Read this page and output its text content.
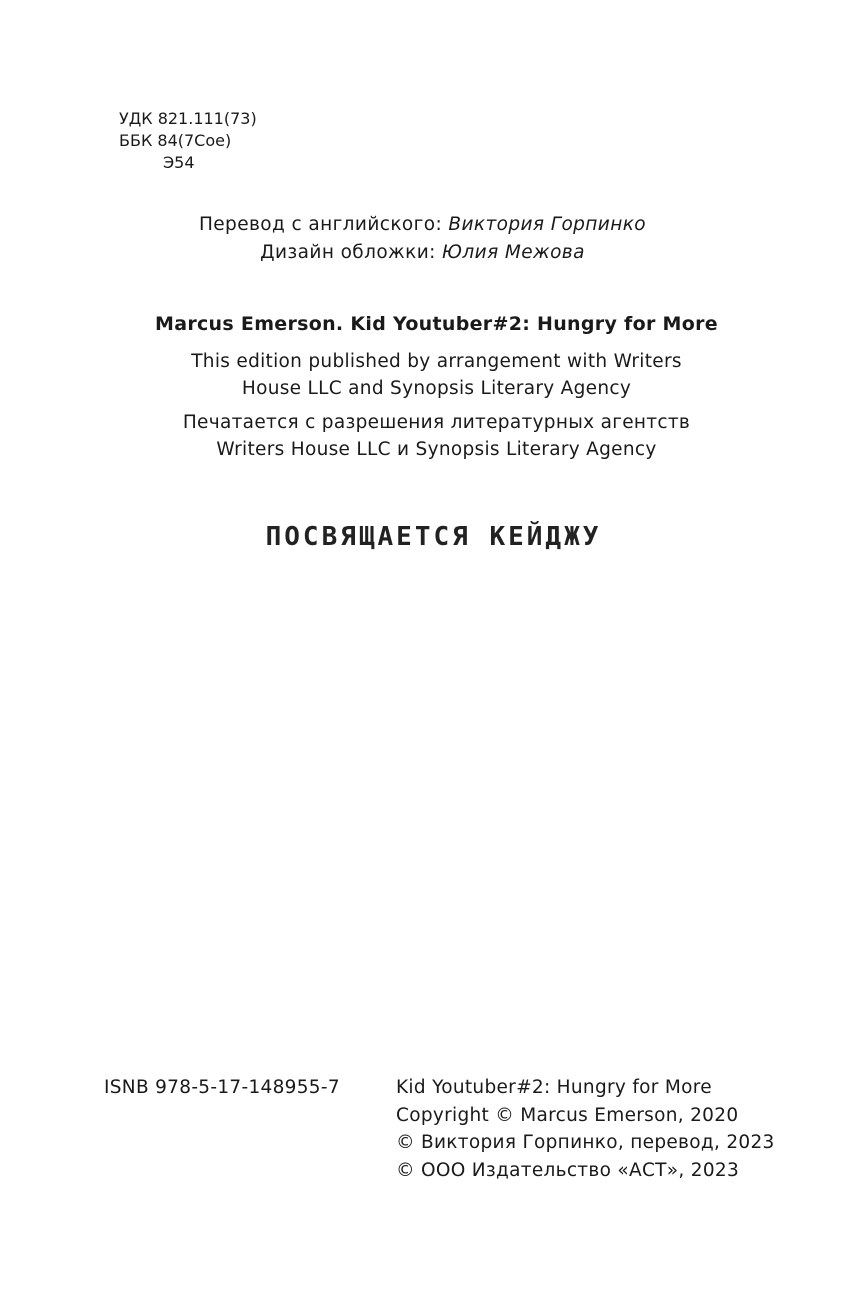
УДК 821.111(73)
ББК 84(7Сое)
Э54
Перевод с английского: Виктория Горпинко
Дизайн обложки: Юлия Межова
Marcus Emerson. Kid Youtuber#2: Hungry for More
This edition published by arrangement with Writers
House LLC and Synopsis Literary Agency
Печатается с разрешения литературных агентств
Writers House LLC и Synopsis Literary Agency
ПОСВЯЩАЕТСЯ КЕЙДЖУ
ISNB 978-5-17-148955-7	Kid Youtuber#2: Hungry for More
Copyright © Marcus Emerson, 2020
© Виктория Горпинко, перевод, 2023
© ООО Издательство «АСТ», 2023
